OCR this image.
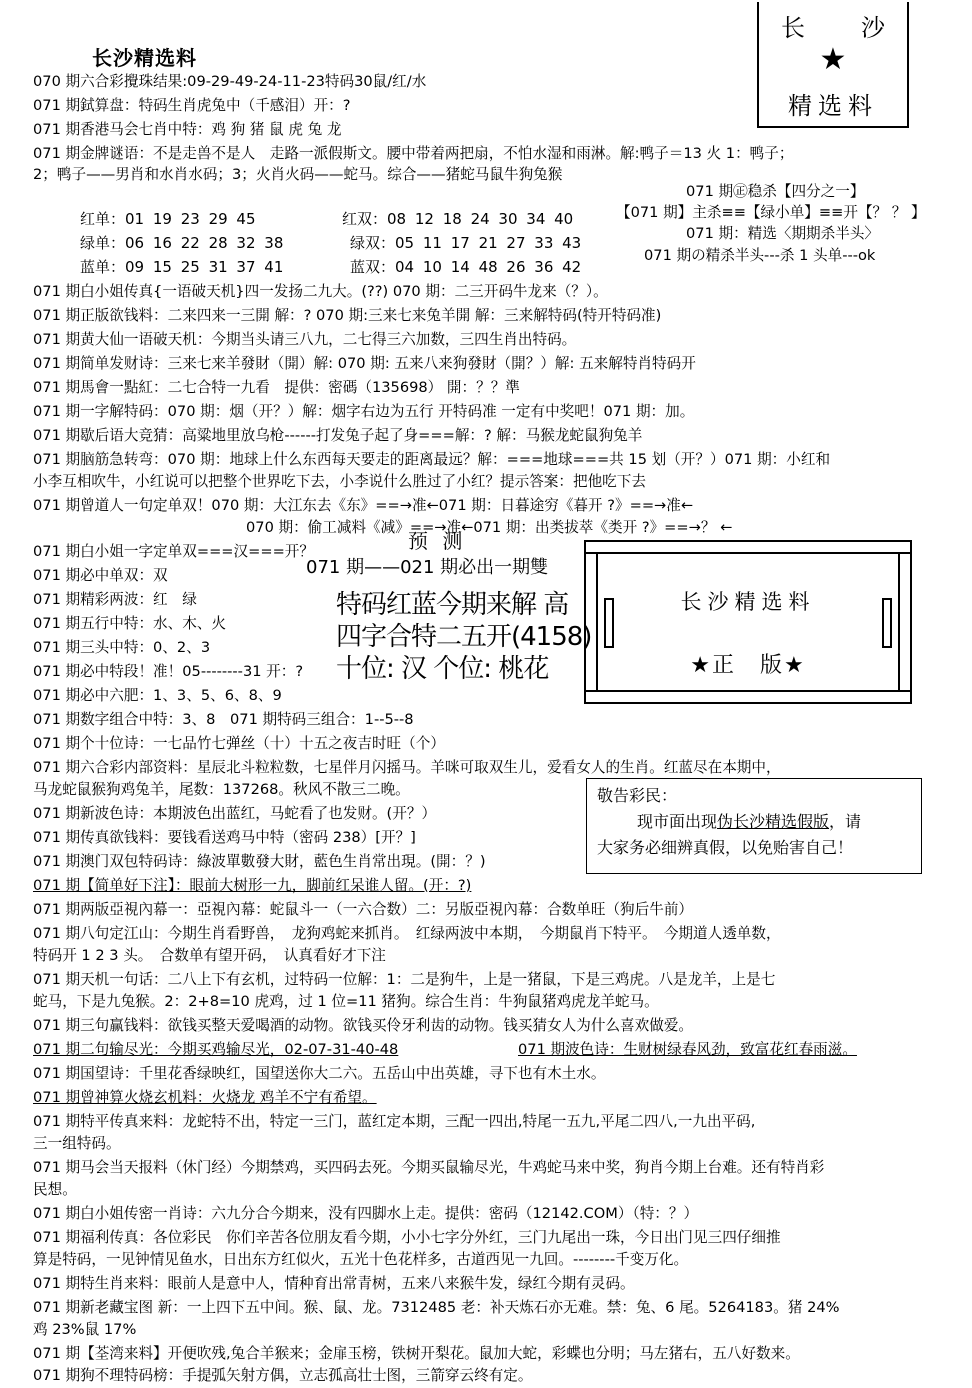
长沙精选料
长 沙
★
精选料
070 期六合彩攪珠结果:09-29-49-24-11-23特码30鼠/红/水
071 期鉽算盘：特码生肖虎兔中（千感泪）开：?
071 期香港马会七肖中特：鸡 狗 猪 鼠 虎 兔 龙
071 期金牌谜语：不是走兽不是人　走路一派假斯文。腰中带着两把扇，不怕水湿和雨淋。解:鸭子＝13 火 1：鸭子；
2；鸭子——男肖和水肖水码；3；火肖火码——蛇马。综合——猪蛇马鼠牛狗兔猴
071 期㊣稳杀【四分之一】
【071 期】主杀≡≡【绿小单】≡≡开【？ ？ 】
071 期：精选〈期期杀半头〉
071 期の精杀半头---杀 1 头单---ok
红单：01 19 23 29 45	红双：08 12 18 24 30 34 40
绿单：06 16 22 28 32 38	绿双：05 11 17 21 27 33 43
蓝单：09 15 25 31 37 41	蓝双：04 10 14 48 26 36 42
071 期白小姐传真{一语破天机}四一发扬二九大。(??) 070 期：二三开码牛龙来（？）。
071 期正版欲钱料：二来四来一三開 解：? 070 期:三来七来兔羊開 解：三来解特码(特开特码准)
071 期黄大仙一语破天机：今期当头请三八九，二七得三六加数，三四生肖出特码。
071 期简单发财诗：三来七来羊發財（開）解: 070 期: 五来八来狗發財（開？）解: 五来解特肖特码开
071 期馬會一點紅：二七合特一九看　提供：密碼（135698） 開：？？準
071 期一字解特码：070 期：烟（开？）解：烟字右边为五行 开特码准 一定有中奖吧！071 期：加。
071 期歇后语大竞猜：高粱地里放乌枪------打发兔子起了身===解：? 解：马猴龙蛇鼠狗兔羊
071 期脑筋急转弯：070 期：地球上什么东西每天要走的距离最远？解：===地球===共 15 划（开？）071 期：小红和
小李互相吹牛，小红说可以把整个世界吃下去，小李说什么胜过了小红？提示答案：把他吃下去
071 期曾道人一句定单双！070 期：大江东去《东》==→准←071 期：日暮途穷《暮开 ?》==→准←
070 期：偷工减料《减》==→准←071 期：出类拔萃《类开 ?》==→？ ←
071 期白小姐一字定单双===汉===开？
071 期必中单双：双
071 期精彩两波：红　绿
071 期五行中特：水、木、火
071 期三头中特：0、2、3
071 期必中特段！准！05--------31 开：?
071 期必中六肥：1、3、5、6、8、9
071 期数字组合中特：3、8　071 期特码三组合：1--5--8
071 期个十位诗：一七品竹七弹丝（十）十五之夜吉时旺（个）
预 测
071 期——021 期必出一期雙
特码红蓝今期来解 高
四字合特二五开(4158)
十位: 汉 个位: 桃花
长沙精选料
★正　版★
071 期六合彩内部资料：星辰北斗粒粒数，七星伴月闪摇马。羊咪可取双生儿，爱看女人的生肖。红蓝尽在本期中，
马龙蛇鼠猴狗鸡兔羊，尾数：137268。秋风不散三二晚。
071 期新波色诗：本期波色出蓝红，马蛇看了也发财。(开？）
071 期传真欲钱料：要钱看送鸡马中特（密码 238）[开？]
071 期澳门双包特码诗：綠波單數發大財，藍色生肖常出現。(開：？)
071 期【简单好下注】：眼前大树形一九，脚前红呆谁人留。(开：?)
敬告彩民：
现市面出现伪长沙精选假版，请
大家务必细辨真假，以免贻害自己！
071 期两版亞視內幕一：亞視內幕：蛇鼠斗一（一六合数）二：另版亞視內幕：合数单旺（狗后牛前）
071 期八句定江山：今期生肖看野兽，　龙狗鸡蛇来抓肖。　红绿两波中本期，　今期鼠肖下特平。　今期道人透单数，
特码开 1 2 3 头。　合数单有望开码，　认真看好才下注
071 期天机一句话：二八上下有玄机，过特码一位解：1：二是狗牛，上是一猪鼠，下是三鸡虎。八是龙羊，上是七
蛇马，下是九兔猴。2：2+8=10 虎鸡，过 1 位=11 猪狗。综合生肖：牛狗鼠猪鸡虎龙羊蛇马。
071 期三句赢钱料：欲钱买整天爱喝酒的动物。欲钱买伶牙利齿的动物。钱买猜女人为什么喜欢做爱。
071 期二句输尽光：今期买鸡输尽光，02-07-31-40-48	071 期波色诗：生财树绿春风劲，致富花红春雨滋。
071 期国望诗：千里花香绿映红，国望送你大二六。五岳山中出英雄，寻下也有木土水。
071 期曾神算火烧玄机料：火烧龙 鸡羊不宁有希望。
071 期特平传真来料：龙蛇特不出，特定一三门，蓝红定本期，三配一四出,特尾一五九,平尾二四八,一九出平码,
三一组特码。
071 期马会当天报料（休门经）今期禁鸡，买四码去死。今期买鼠输尽光，牛鸡蛇马来中奖，狗肖今期上台难。还有特肖彩
民想。
071 期白小姐传密一肖诗：六九分合今期来，没有四脚水上走。提供：密码（12142.COM）（特：？）
071 期福利传真：各位彩民　你们辛苦各位朋友看今期，小小七字分外红，三门九尾出一珠，今日出门见三四仔细推
算是特码，一见钟情见鱼水，日出东方红似火，五光十色花样多，古道西见一九回。--------千变万化。
071 期特生肖来料：眼前人是意中人，情种育出常青树，五来八来猴牛发，绿红今期有灵码。
071 期新老藏宝图 新：一上四下五中间。猴、鼠、龙。7312485 老：补天炼石亦无难。禁：兔、6 尾。5264183。猪 24%
鸡 23%鼠 17%
071 期【荃湾来料】开便吹残,兔合羊猴来；金扉玉榜，铁树开梨花。鼠加大蛇，彩蝶也分明；马左猪右，五八好数来。
071 期狗不理特码榜：手提弧矢射方偶，立志孤高壮士图，三箭穿云终有定。
